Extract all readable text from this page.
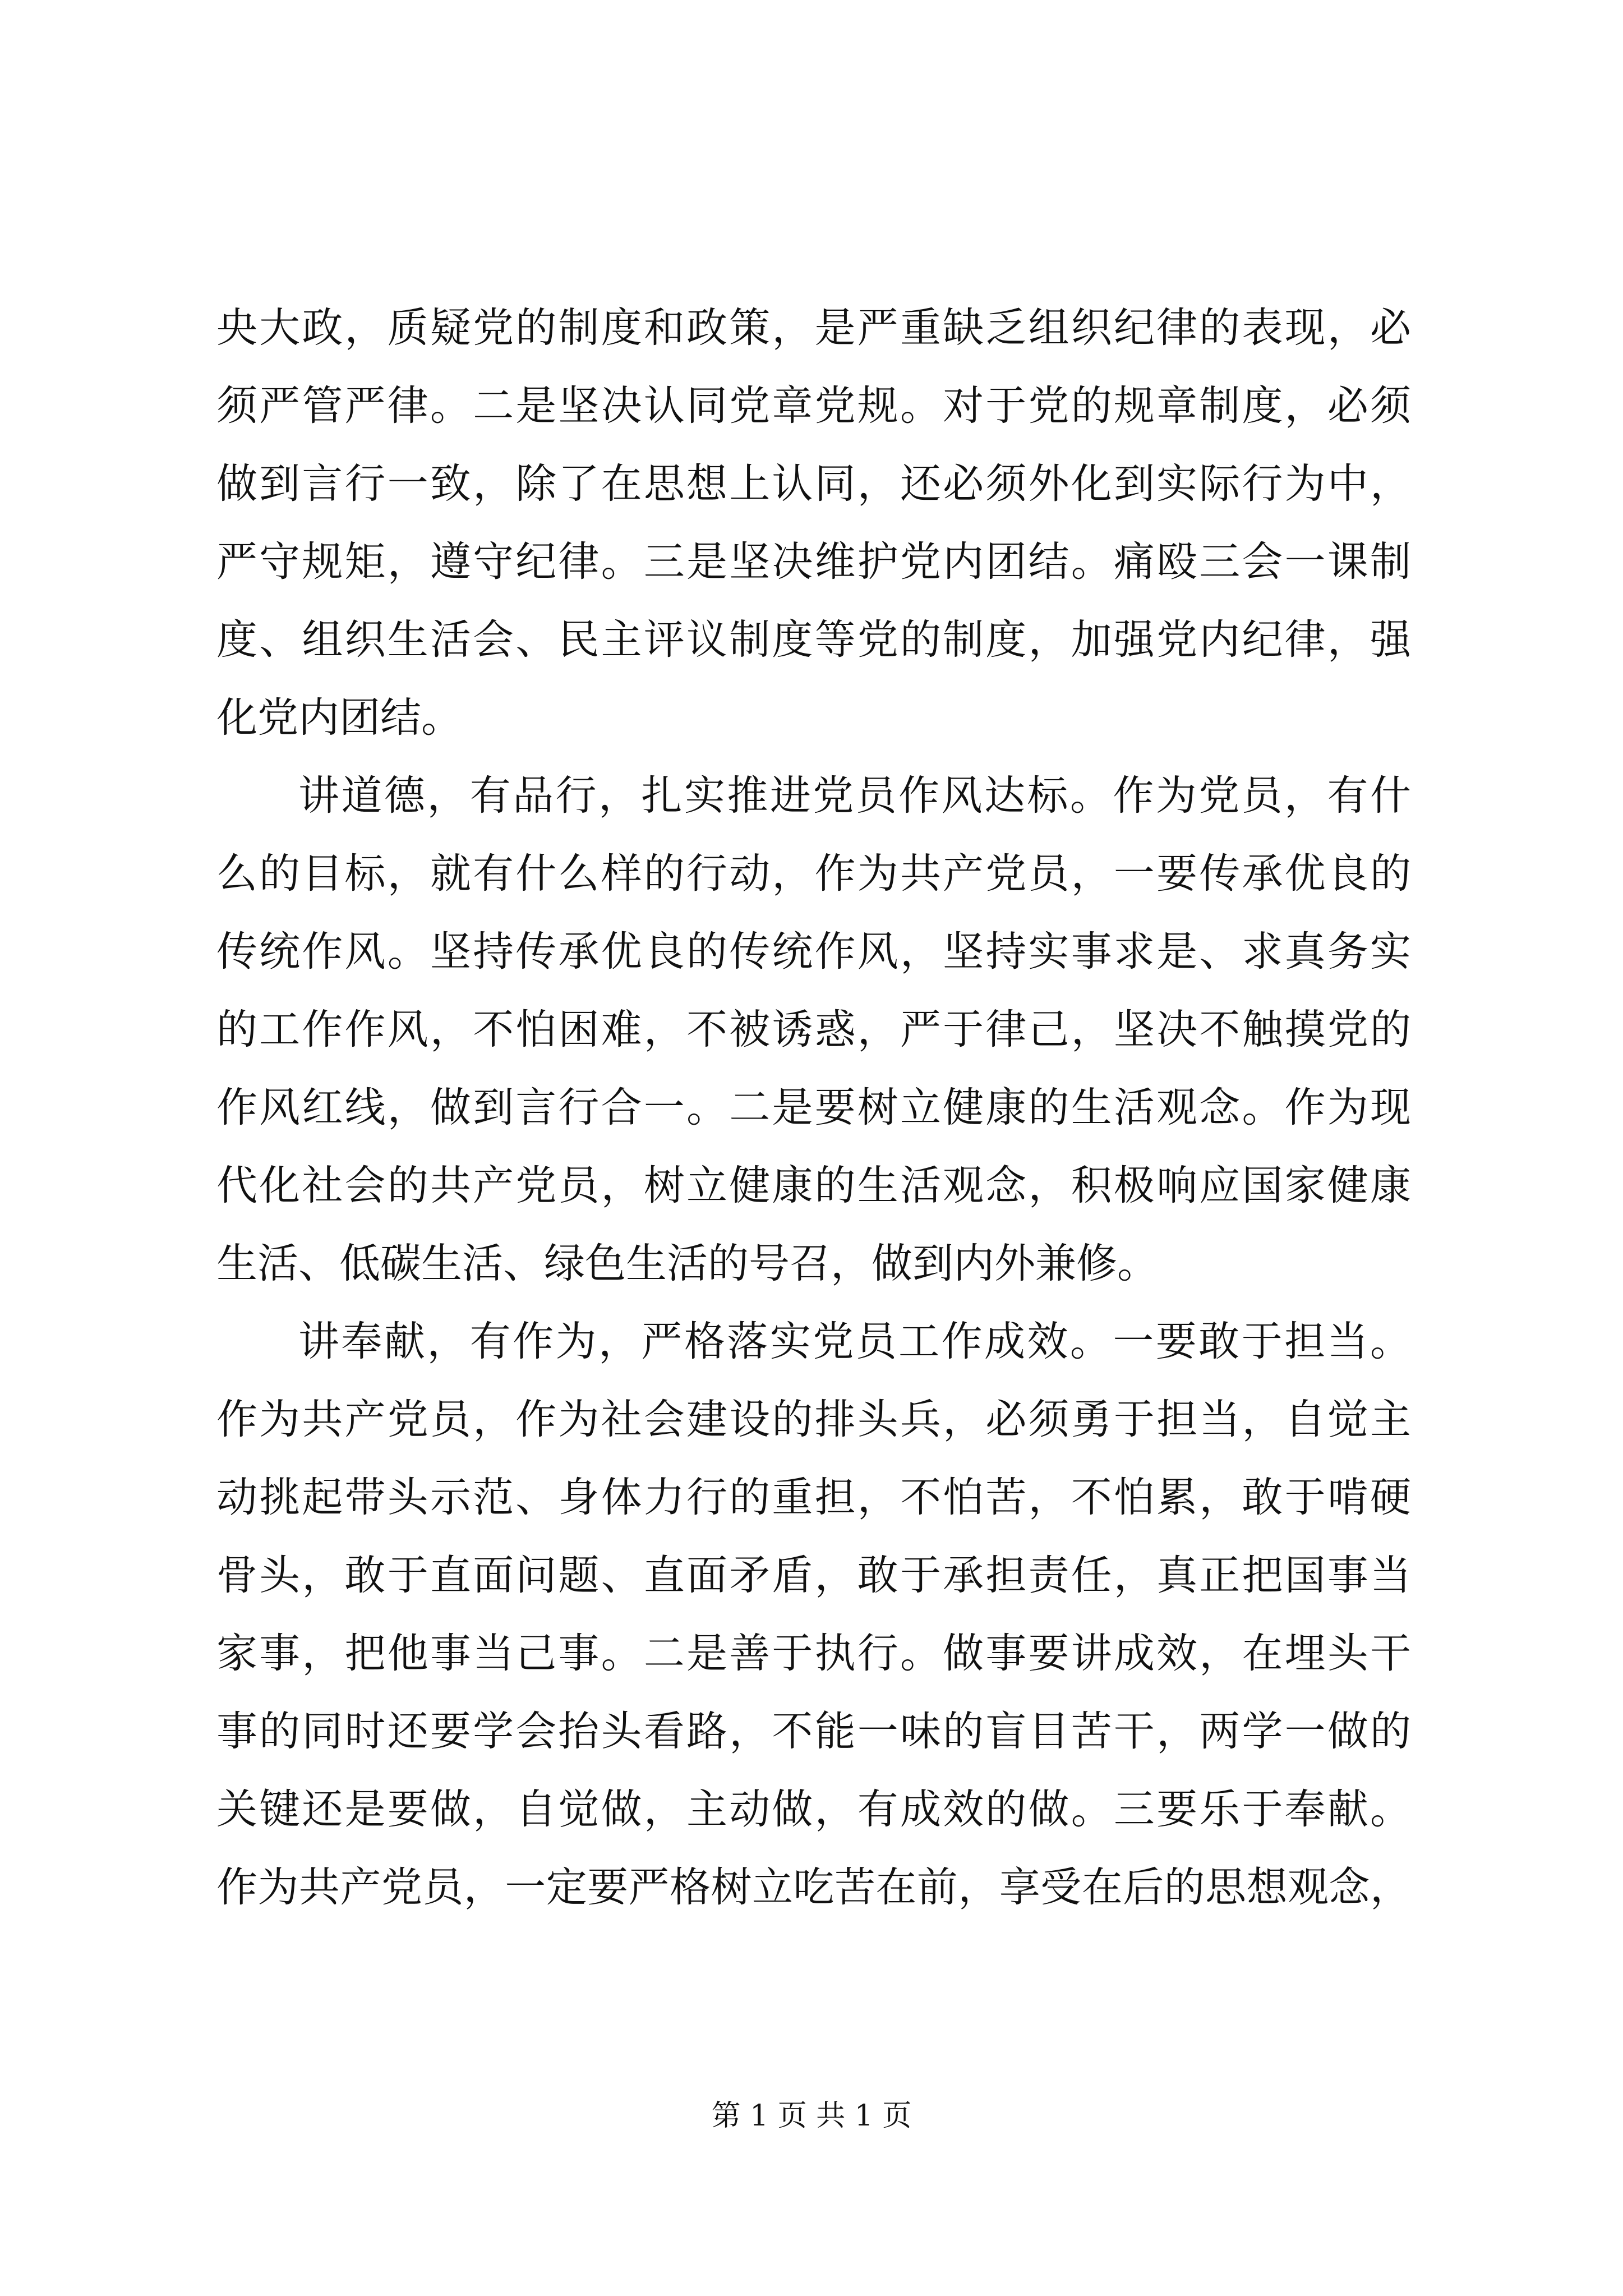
央大政，质疑党的制度和政策，是严重缺乏组织纪律的表现，必
须严管严律。二是坚决认同党章党规。对于党的规章制度，必须
做到言行一致，除了在思想上认同，还必须外化到实际行为中，
严守规矩，遵守纪律。三是坚决维护党内团结。痛殴三会一课制
度、组织生活会、民主评议制度等党的制度，加强党内纪律，强
化党内团结。
讲道德，有品行，扎实推进党员作风达标。作为党员，有什
么的目标，就有什么样的行动，作为共产党员，一要传承优良的
传统作风。坚持传承优良的传统作风，坚持实事求是、求真务实
的工作作风，不怕困难，不被诱惑，严于律己，坚决不触摸党的
作风红线，做到言行合一。二是要树立健康的生活观念。作为现
代化社会的共产党员，树立健康的生活观念，积极响应国家健康
生活、低碳生活、绿色生活的号召，做到内外兼修。
讲奉献，有作为，严格落实党员工作成效。一要敢于担当。
作为共产党员，作为社会建设的排头兵，必须勇于担当，自觉主
动挑起带头示范、身体力行的重担，不怕苦，不怕累，敢于啃硬
骨头，敢于直面问题、直面矛盾，敢于承担责任，真正把国事当
家事，把他事当己事。二是善于执行。做事要讲成效，在埋头干
事的同时还要学会抬头看路，不能一味的盲目苦干，两学一做的
关键还是要做，自觉做，主动做，有成效的做。三要乐于奉献。
作为共产党员，一定要严格树立吃苦在前，享受在后的思想观念，
第 1 页 共 1 页
